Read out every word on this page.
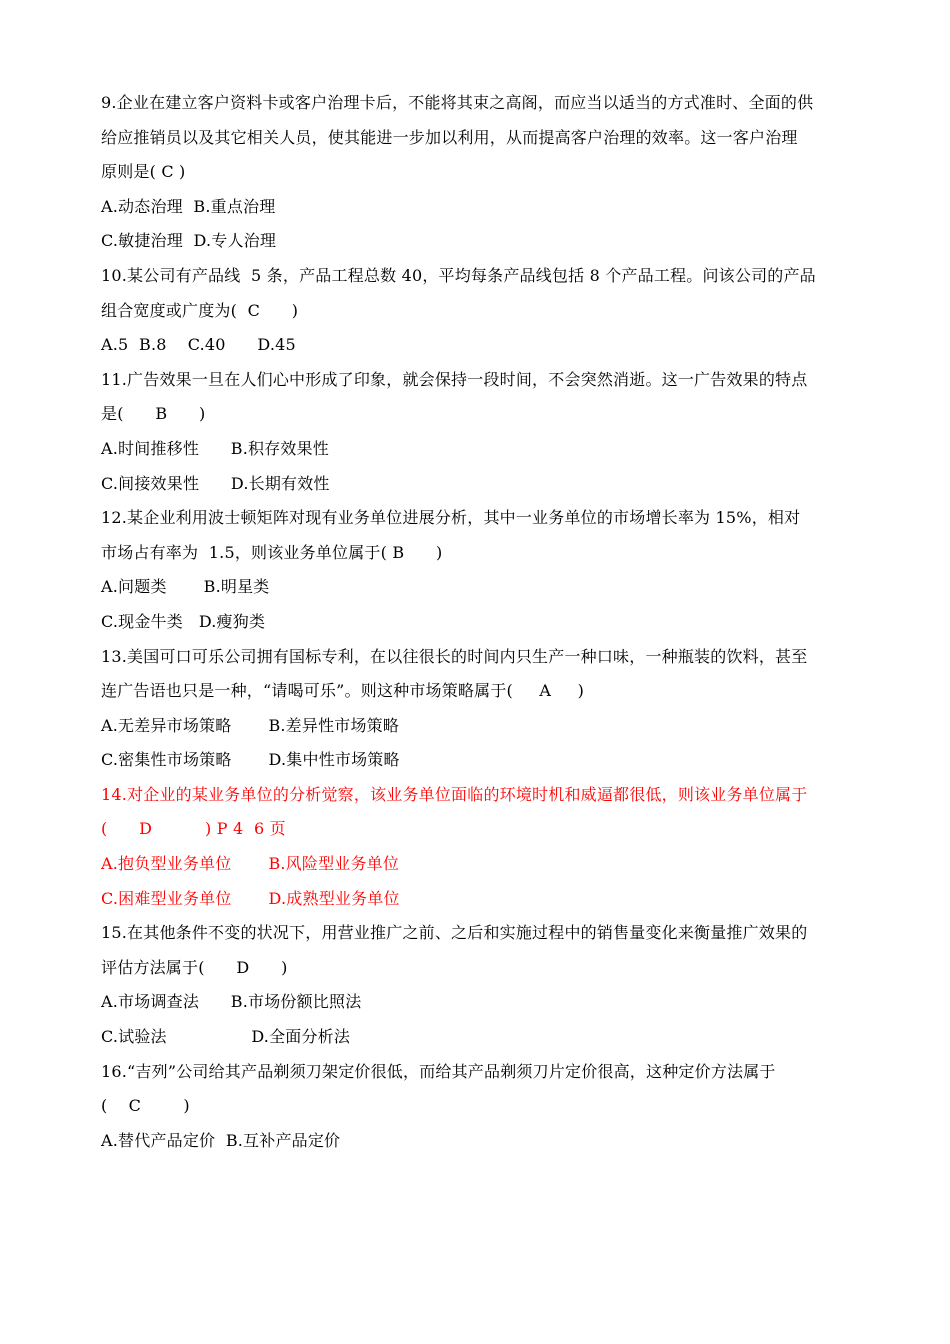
9.企业在建立客户资料卡或客户治理卡后，不能将其束之高阁，而应当以适当的方式准时、全面的供
给应推销员以及其它相关人员，使其能进一步加以利用，从而提高客户治理的效率。这一客户治理
原则是( C )
A.动态治理  B.重点治理
C.敏捷治理  D.专人治理
10.某公司有产品线  5 条，产品工程总数 40，平均每条产品线包括 8 个产品工程。问该公司的产品
组合宽度或广度为(  C      )
A.5  B.8    C.40      D.45
11.广告效果一旦在人们心中形成了印象，就会保持一段时间，不会突然消逝。这一广告效果的特点
是(      B      )
A.时间推移性      B.积存效果性
C.间接效果性      D.长期有效性
12.某企业利用波士顿矩阵对现有业务单位进展分析，其中一业务单位的市场增长率为 15%，相对
市场占有率为  1.5，则该业务单位属于( B      )
A.问题类       B.明星类
C.现金牛类   D.瘦狗类
13.美国可口可乐公司拥有国标专利，在以往很长的时间内只生产一种口味，一种瓶装的饮料，甚至
连广告语也只是一种，“请喝可乐”。则这种市场策略属于(     A     )
A.无差异市场策略       B.差异性市场策略
C.密集性市场策略       D.集中性市场策略
14.对企业的某业务单位的分析觉察，该业务单位面临的环境时机和威逼都很低，则该业务单位属于
(      D          ) P 4  6 页
A.抱负型业务单位       B.风险型业务单位
C.困难型业务单位       D.成熟型业务单位
15.在其他条件不变的状况下，用营业推广之前、之后和实施过程中的销售量变化来衡量推广效果的
评估方法属于(      D      )
A.市场调查法      B.市场份额比照法
C.试验法                D.全面分析法
16.“吉列”公司给其产品剃须刀架定价很低，而给其产品剃须刀片定价很高，这种定价方法属于
(    C        )
A.替代产品定价  B.互补产品定价
